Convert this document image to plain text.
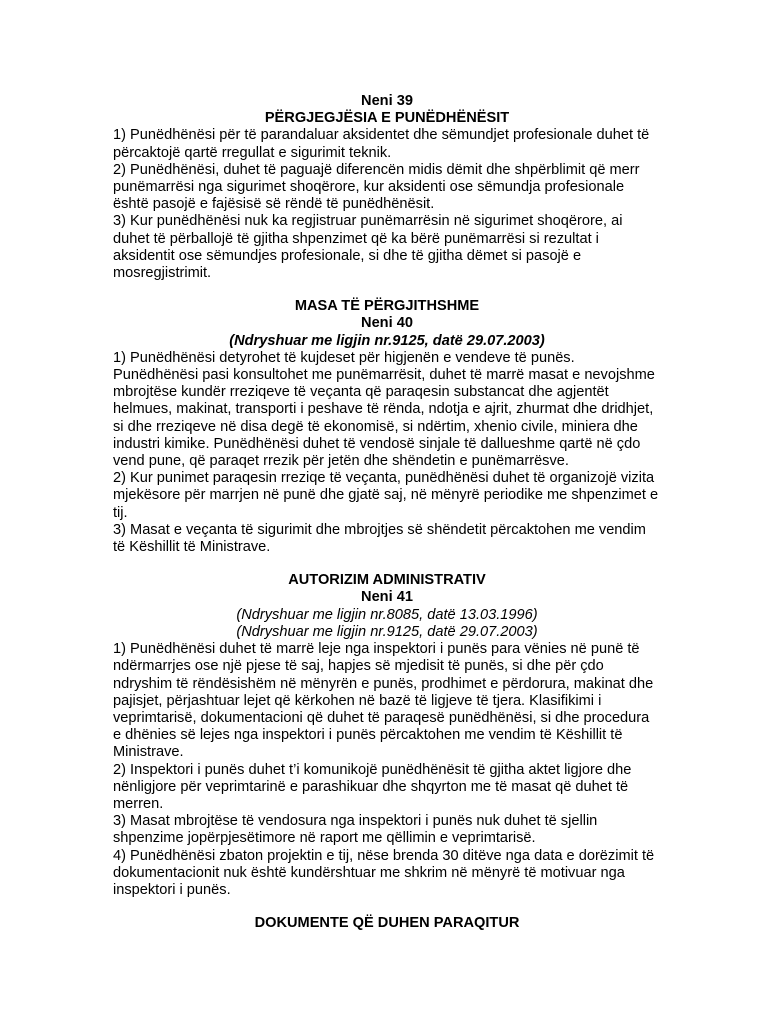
Neni 39

PËRGJEGJËSIA E PUNËDHËNËSIT

1) Punëdhënësi për të parandaluar aksidentet dhe sëmundjet profesionale duhet të përcaktojë qartë rregullat e sigurimit teknik.

2) Punëdhënësi, duhet të paguajë diferencën midis dëmit dhe shpërblimit që merr punëmarrësi nga sigurimet shoqërore, kur aksidenti ose sëmundja profesionale është pasojë e fajësisë së rëndë të punëdhënësit.

3) Kur punëdhënësi nuk ka regjistruar punëmarrësin në sigurimet shoqërore, ai duhet të përballojë të gjitha shpenzimet që ka bërë punëmarrësi si rezultat i aksidentit ose sëmundjes profesionale, si dhe të gjitha dëmet si pasojë e mosregjistrimit.

MASA TË PËRGJITHSHME

Neni 40

(Ndryshuar me ligjin nr.9125, datë 29.07.2003)

1) Punëdhënësi detyrohet të kujdeset për higjenën e vendeve të punës. Punëdhënësi pasi konsultohet me punëmarrësit, duhet të marrë masat e nevojshme mbrojtëse kundër rreziqeve të veçanta që paraqesin substancat dhe agjentët helmues, makinat, transporti i peshave të rënda, ndotja e ajrit, zhurmat dhe dridhjet, si dhe rreziqeve në disa degë të ekonomisë, si ndërtim, xhenio civile, miniera dhe industri kimike. Punëdhënësi duhet të vendosë sinjale të dallueshme qartë në çdo vend pune, që paraqet rrezik për jetën dhe shëndetin e punëmarrësve.

2) Kur punimet paraqesin rreziqe të veçanta, punëdhënësi duhet të organizojë vizita mjekësore për marrjen në punë dhe gjatë saj, në mënyrë periodike me shpenzimet e tij.

3) Masat e veçanta të sigurimit dhe mbrojtjes së shëndetit përcaktohen me vendim të Këshillit të Ministrave.

AUTORIZIM ADMINISTRATIV

Neni 41

(Ndryshuar me ligjin nr.8085, datë 13.03.1996)

(Ndryshuar me ligjin nr.9125, datë 29.07.2003)

1) Punëdhënësi duhet të marrë leje nga inspektori i punës para vënies në punë të ndërmarrjes ose një pjese të saj, hapjes së mjedisit të punës, si dhe për çdo ndryshim të rëndësishëm në mënyrën e punës, prodhimet e përdorura, makinat dhe pajisjet, përjashtuar lejet që kërkohen në bazë të ligjeve të tjera. Klasifikimi i veprimtarisë, dokumentacioni që duhet të paraqesë punëdhënësi, si dhe procedura e dhënies së lejes nga inspektori i punës përcaktohen me vendim të Këshillit të Ministrave.

2) Inspektori i punës duhet t’i komunikojë punëdhënësit të gjitha aktet ligjore dhe nënligjore për veprimtarinë e parashikuar dhe shqyrton me të masat që duhet të merren.

3) Masat mbrojtëse të vendosura nga inspektori i punës nuk duhet të sjellin shpenzime jopërpjesëtimore në raport me qëllimin e veprimtarisë.

4) Punëdhënësi zbaton projektin e tij, nëse brenda 30 ditëve nga data e dorëzimit të dokumentacionit nuk është kundërshtuar me shkrim në mënyrë të motivuar nga inspektori i punës.

DOKUMENTE QË DUHEN PARAQITUR
